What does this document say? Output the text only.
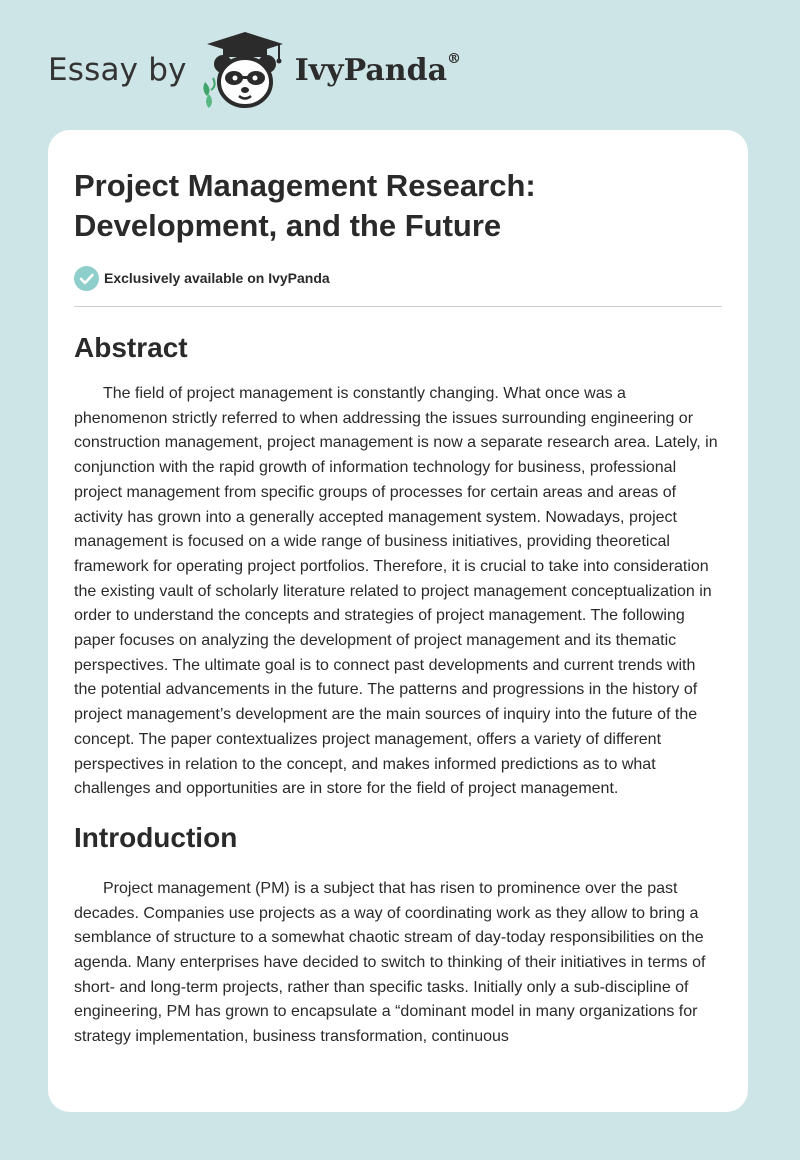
Essay by	IvyPanda®
Project Management Research: Development, and the Future
Exclusively available on IvyPanda
Abstract

The field of project management is constantly changing. What once was a phenomenon strictly referred to when addressing the issues surrounding engineering or construction management, project management is now a separate research area. Lately, in conjunction with the rapid growth of information technology for business, professional project management from specific groups of processes for certain areas and areas of activity has grown into a generally accepted management system. Nowadays, project management is focused on a wide range of business initiatives, providing theoretical framework for operating project portfolios. Therefore, it is crucial to take into consideration the existing vault of scholarly literature related to project management conceptualization in order to understand the concepts and strategies of project management. The following paper focuses on analyzing the development of project management and its thematic perspectives. The ultimate goal is to connect past developments and current trends with the potential advancements in the future. The patterns and progressions in the history of project management’s development are the main sources of inquiry into the future of the concept. The paper contextualizes project management, offers a variety of different perspectives in relation to the concept, and makes informed predictions as to what challenges and opportunities are in store for the field of project management.

Introduction

Project management (PM) is a subject that has risen to prominence over the past decades. Companies use projects as a way of coordinating work as they allow to bring a semblance of structure to a somewhat chaotic stream of day-today responsibilities on the agenda. Many enterprises have decided to switch to thinking of their initiatives in terms of short- and long-term projects, rather than specific tasks. Initially only a sub-discipline of engineering, PM has grown to encapsulate a “dominant model in many organizations for strategy implementation, business transformation, continuous
